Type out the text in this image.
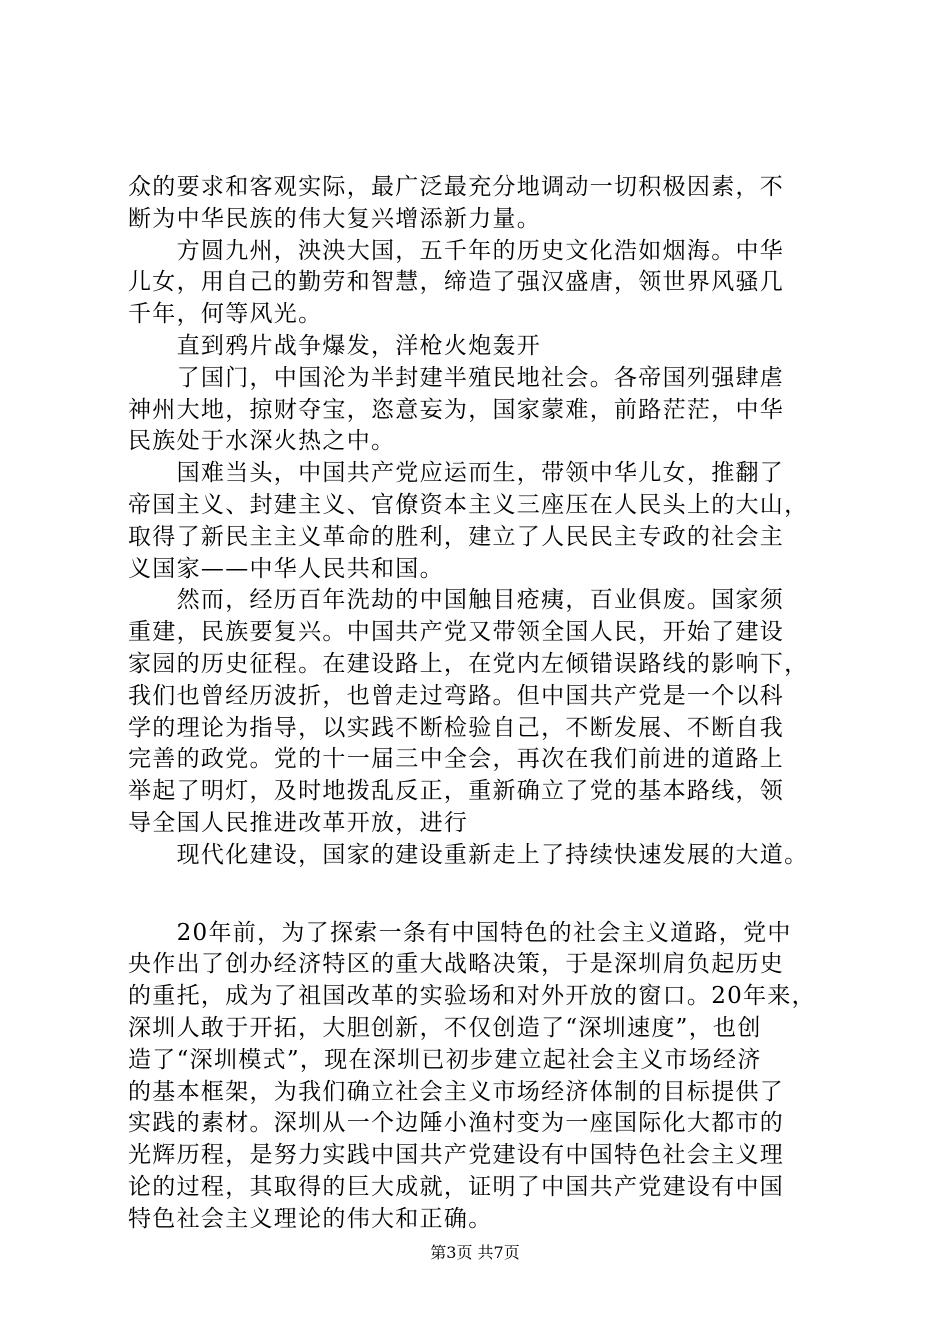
众的要求和客观实际，最广泛最充分地调动一切积极因素，不
断为中华民族的伟大复兴增添新力量。
　　方圆九州，泱泱大国，五千年的历史文化浩如烟海。中华
儿女，用自己的勤劳和智慧，缔造了强汉盛唐，领世界风骚几
千年，何等风光。
　　直到鸦片战争爆发，洋枪火炮轰开
　　了国门，中国沦为半封建半殖民地社会。各帝国列强肆虐
神州大地，掠财夺宝，恣意妄为，国家蒙难，前路茫茫，中华
民族处于水深火热之中。
　　国难当头，中国共产党应运而生，带领中华儿女，推翻了
帝国主义、封建主义、官僚资本主义三座压在人民头上的大山，
取得了新民主主义革命的胜利，建立了人民民主专政的社会主
义国家——中华人民共和国。
　　然而，经历百年洗劫的中国触目疮痍，百业俱废。国家须
重建，民族要复兴。中国共产党又带领全国人民，开始了建设
家园的历史征程。在建设路上，在党内左倾错误路线的影响下，
我们也曾经历波折，也曾走过弯路。但中国共产党是一个以科
学的理论为指导，以实践不断检验自己，不断发展、不断自我
完善的政党。党的十一届三中全会，再次在我们前进的道路上
举起了明灯，及时地拨乱反正，重新确立了党的基本路线，领
导全国人民推进改革开放，进行
　　现代化建设，国家的建设重新走上了持续快速发展的大道。
　　20年前，为了探索一条有中国特色的社会主义道路，党中
央作出了创办经济特区的重大战略决策，于是深圳肩负起历史
的重托，成为了祖国改革的实验场和对外开放的窗口。20年来，
深圳人敢于开拓，大胆创新，不仅创造了“深圳速度”，也创
造了“深圳模式”，现在深圳已初步建立起社会主义市场经济
的基本框架，为我们确立社会主义市场经济体制的目标提供了
实践的素材。深圳从一个边陲小渔村变为一座国际化大都市的
光辉历程，是努力实践中国共产党建设有中国特色社会主义理
论的过程，其取得的巨大成就，证明了中国共产党建设有中国
特色社会主义理论的伟大和正确。
第3页 共7页
